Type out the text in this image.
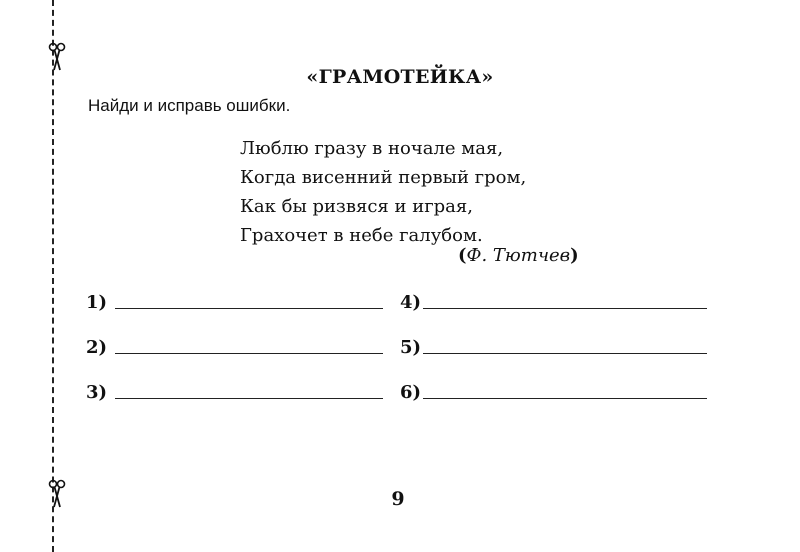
«ГРАМОТЕЙКА»
Найди и исправь ошибки.
Люблю гразу в ночале мая,
Когда висенний первый гром,
Как бы ризвяся и играя,
Грахочет в небе галубом.
(Ф. Тютчев)
1)
2)
3)
4)
5)
6)
9
